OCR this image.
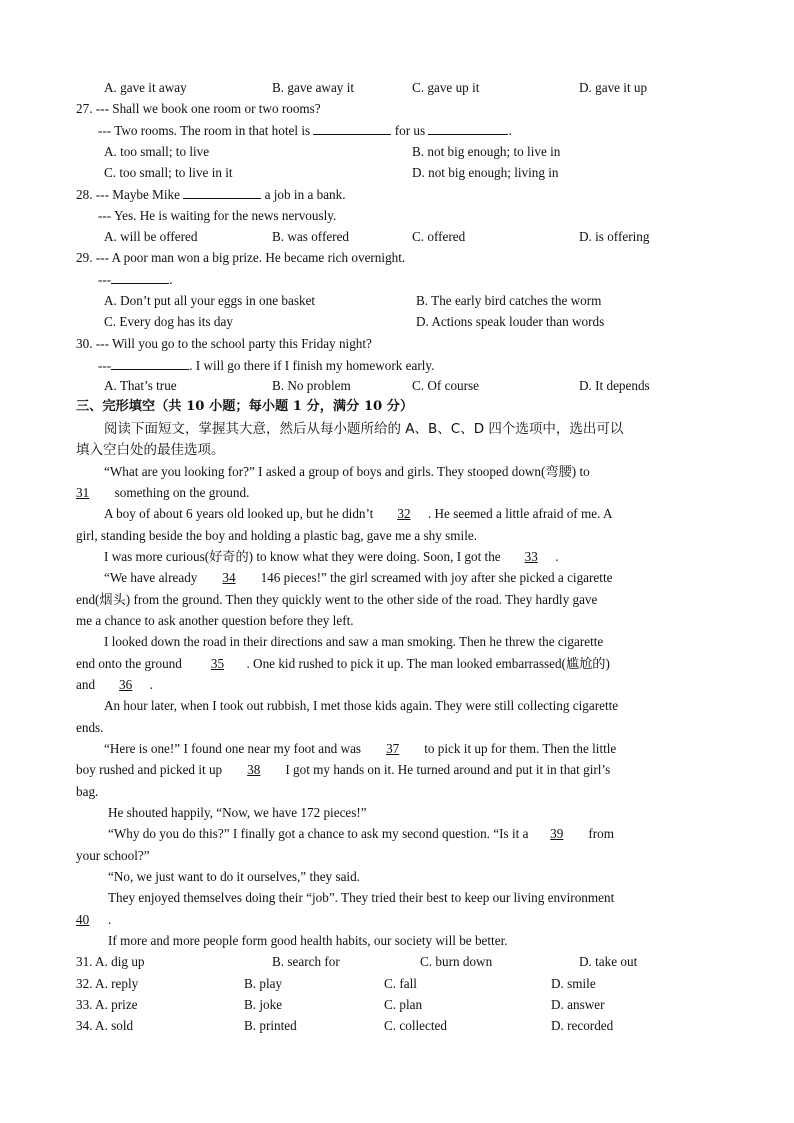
A. gave it away	B. gave away it	C. gave up it	D. gave it up
27. --- Shall we book one room or two rooms?
--- Two rooms. The room in that hotel is	for us	.
A. too small; to live	B. not big enough; to live in
C. too small; to live in it	D. not big enough; living in
28. --- Maybe Mike	a job in a bank.
--- Yes. He is waiting for the news nervously.
A. will be offered	B. was offered	C. offered	D. is offering
29. --- A poor man won a big prize. He became rich overnight.
---	.
A. Don’t put all your eggs in one basket	B. The early bird catches the worm
C. Every dog has its day	D. Actions speak louder than words
30. --- Will you go to the school party this Friday night?
---	. I will go there if I finish my homework early.
A. That’s true	B. No problem	C. Of course	D. It depends
三、完形填空（共 10 小题；每小题 1 分，满分 10 分）
阅读下面短文，掌握其大意，然后从每小题所给的 A、B、C、D 四个选项中，选出可以
填入空白处的最佳选项。
“What are you looking for?” I asked a group of boys and girls. They stooped down(弯腰) to
31 something on the ground.
A boy of about 6 years old looked up, but he didn’t 32 . He seemed a little afraid of me. A
girl, standing beside the boy and holding a plastic bag, gave me a shy smile.
I was more curious(好奇的) to know what they were doing. Soon, I got the 33 .
“We have already 34 146 pieces!” the girl screamed with joy after she picked a cigarette
end(烟头) from the ground. Then they quickly went to the other side of the road. They hardly gave
me a chance to ask another question before they left.
I looked down the road in their directions and saw a man smoking. Then he threw the cigarette
end onto the ground 35 . One kid rushed to pick it up. The man looked embarrassed(尴尬的)
and 36 .
An hour later, when I took out rubbish, I met those kids again. They were still collecting cigarette
ends.
“Here is one!” I found one near my foot and was 37 to pick it up for them. Then the little
boy rushed and picked it up 38 I got my hands on it. He turned around and put it in that girl’s
bag.
He shouted happily, “Now, we have 172 pieces!”
“Why do you do this?” I finally got a chance to ask my second question. “Is it a 39 from
your school?”
“No, we just want to do it ourselves,” they said.
They enjoyed themselves doing their “job”. They tried their best to keep our living environment
40 .
If more and more people form good health habits, our society will be better.
31. A. dig up	B. search for	C. burn down	D. take out
32. A. reply	B. play	C. fall	D. smile
33. A. prize	B. joke	C. plan	D. answer
34. A. sold	B. printed	C. collected	D. recorded
